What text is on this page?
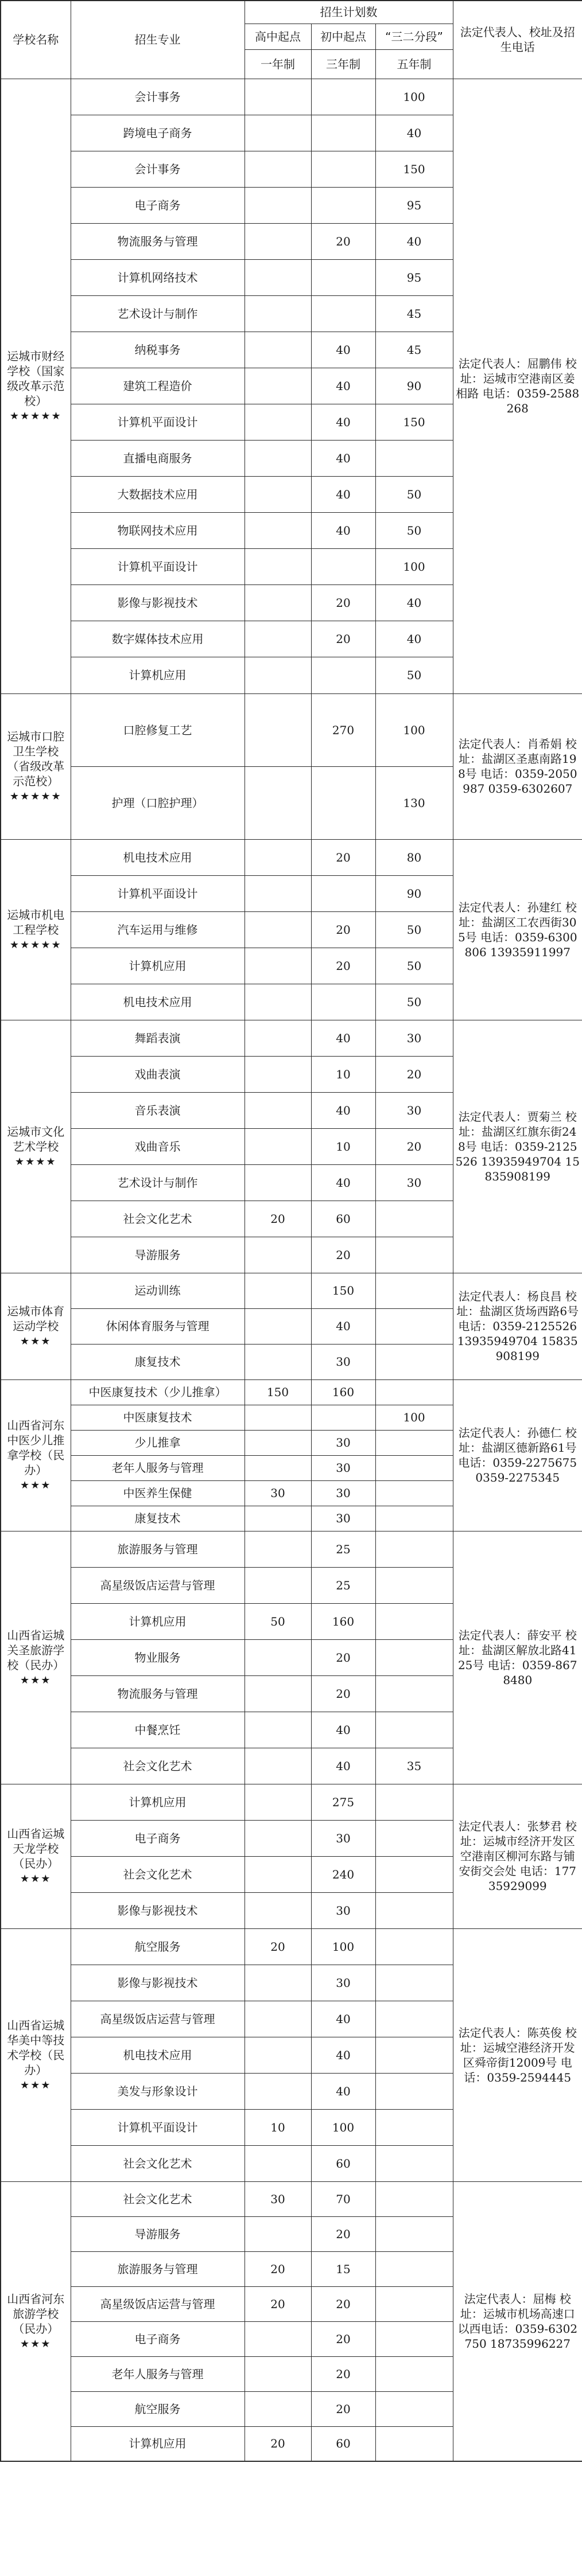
学校名称	招生专业	招生计划数			法定代表人、校址及招生电话
		高中起点	初中起点	“三二分段”	
		一年制	三年制	五年制	
运城市财经学校（国家级改革示范校）
★★★★★	会计事务			100	法定代表人：屈鹏伟 校址：运城市空港南区姜相路 电话：0359-2588268
	跨境电子商务			40	
	会计事务			150	
	电子商务			95	
	物流服务与管理		20	40	
	计算机网络技术			95	
	艺术设计与制作			45	
	纳税事务		40	45	
	建筑工程造价		40	90	
	计算机平面设计		40	150	
	直播电商服务		40		
	大数据技术应用		40	50	
	物联网技术应用		40	50	
	计算机平面设计			100	
	影像与影视技术		20	40	
	数字媒体技术应用		20	40	
	计算机应用			50	
运城市口腔卫生学校（省级改革示范校）
★★★★★	口腔修复工艺		270	100	法定代表人：肖希娟 校址：盐湖区圣惠南路198号 电话：0359-2050987 0359-6302607
	护理（口腔护理）			130	
运城市机电工程学校
★★★★★	机电技术应用		20	80	法定代表人：孙建红 校址：盐湖区工农西街305号 电话：0359-6300806 13935911997
	计算机平面设计			90	
	汽车运用与维修		20	50	
	计算机应用		20	50	
	机电技术应用			50	
运城市文化艺术学校
★★★★	舞蹈表演		40	30	法定代表人：贾菊兰 校址：盐湖区红旗东街248号 电话：0359-2125526 13935949704 15835908199
	戏曲表演		10	20	
	音乐表演		40	30	
	戏曲音乐		10	20	
	艺术设计与制作		40	30	
	社会文化艺术	20	60		
	导游服务		20		
运城市体育运动学校
★★★	运动训练		150		法定代表人：杨良昌 校址：盐湖区货场西路6号 电话：0359-2125526 13935949704 15835908199
	休闲体育服务与管理		40		
	康复技术		30		
山西省河东中医少儿推拿学校（民办）
★★★	中医康复技术（少儿推拿）	150	160		法定代表人：孙德仁 校址：盐湖区德新路61号 电话：0359-2275675 0359-2275345
	中医康复技术			100	
	少儿推拿		30		
	老年人服务与管理		30		
	中医养生保健	30	30		
	康复技术		30		
山西省运城关圣旅游学校（民办）
★★★	旅游服务与管理		25		法定代表人：薛安平 校址：盐湖区解放北路4125号 电话：0359-8678480
	高星级饭店运营与管理		25		
	计算机应用	50	160		
	物业服务		20		
	物流服务与管理		20		
	中餐烹饪		40		
	社会文化艺术		40	35	
山西省运城天龙学校（民办）
★★★	计算机应用		275		法定代表人：张梦君 校址：运城市经济开发区空港南区柳河东路与铺安街交会处 电话：17735929099
	电子商务		30		
	社会文化艺术		240		
	影像与影视技术		30		
山西省运城华美中等技术学校（民办）
★★★	航空服务	20	100		法定代表人：陈英俊 校址：运城空港经济开发区舜帝街12009号 电话：0359-2594445
	影像与影视技术		30		
	高星级饭店运营与管理		40		
	机电技术应用		40		
	美发与形象设计		40		
	计算机平面设计	10	100		
	社会文化艺术		60		
山西省河东旅游学校（民办）
★★★	社会文化艺术	30	70		法定代表人：屈梅 校址：运城市机场高速口以西电话：0359-6302750 18735996227
	导游服务		20		
	旅游服务与管理	20	15		
	高星级饭店运营与管理	20	20		
	电子商务		20		
	老年人服务与管理		20		
	航空服务		20		
	计算机应用	20	60		
